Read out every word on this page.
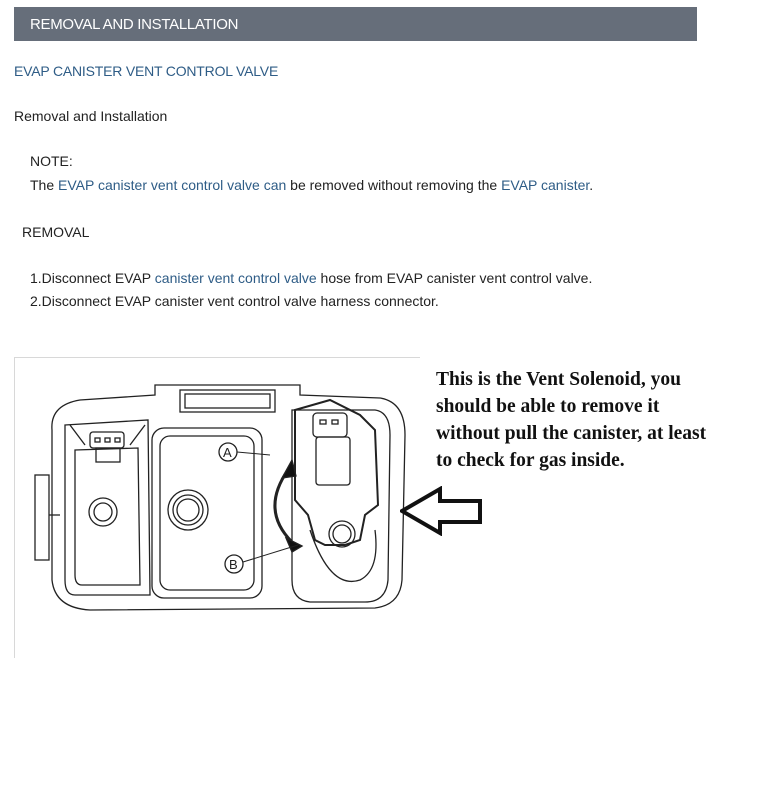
REMOVAL AND INSTALLATION
EVAP CANISTER VENT CONTROL VALVE
Removal and Installation
NOTE:
The EVAP canister vent control valve can be removed without removing the EVAP canister.
REMOVAL
1.Disconnect EVAP canister vent control valve hose from EVAP canister vent control valve.
2.Disconnect EVAP canister vent control valve harness connector.
A
B
This is the Vent Solenoid, you
should be able to remove it
without pull the canister, at least
to check for gas inside.
